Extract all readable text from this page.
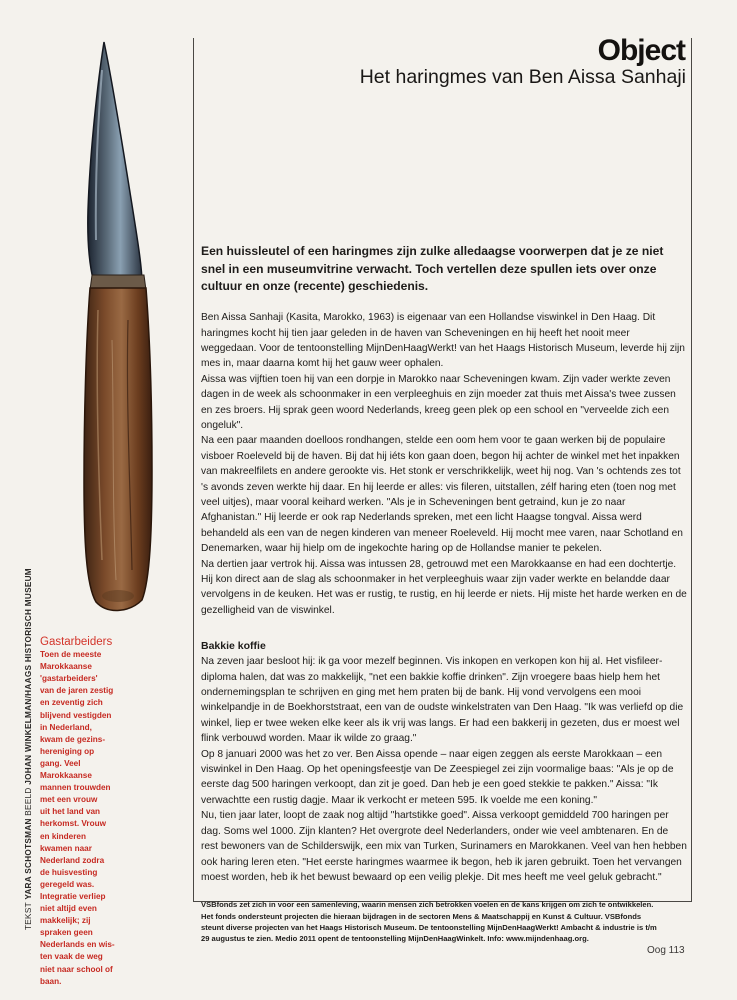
Object
Het haringmes van Ben Aissa Sanhaji

Een huissleutel of een haringmes zijn zulke alledaagse voorwerpen dat je ze niet snel in een museumvitrine verwacht. Toch vertellen deze spullen iets over onze cultuur en onze (recente) geschiedenis.

Ben Aissa Sanhaji (Kasita, Marokko, 1963) is eigenaar van een Hollandse viswinkel in Den Haag. Dit haringmes kocht hij tien jaar geleden in de haven van Scheveningen en hij heeft het nooit meer weggedaan. Voor de tentoonstelling MijnDenHaagWerkt! van het Haags Historisch Museum, leverde hij zijn mes in, maar daarna komt hij het gauw weer ophalen.

Aissa was vijftien toen hij van een dorpje in Marokko naar Scheveningen kwam. Zijn vader werkte zeven dagen in de week als schoonmaker in een verpleeghuis en zijn moeder zat thuis met Aissa's twee zussen en zes broers. Hij sprak geen woord Nederlands, kreeg geen plek op een school en "verveelde zich een ongeluk".

Na een paar maanden doelloos rondhangen, stelde een oom hem voor te gaan werken bij de populaire visboer Roeleveld bij de haven. Bij dat hij iéts kon gaan doen, begon hij achter de winkel met het inpakken van makreelfilets en andere gerookte vis. Het stonk er verschrikkelijk, weet hij nog. Van 's ochtends zes tot 's avonds zeven werkte hij daar. En hij leerde er alles: vis fileren, uitstallen, zélf haring eten (toen nog met veel uitjes), maar vooral keihard werken. "Als je in Scheveningen bent getraind, kun je zo naar Afghanistan." Hij leerde er ook rap Nederlands spreken, met een licht Haagse tongval. Aissa werd behandeld als een van de negen kinderen van meneer Roeleveld. Hij mocht mee varen, naar Schotland en Denemarken, waar hij hielp om de ingekochte haring op de Hollandse manier te pekelen.

Na dertien jaar vertrok hij. Aissa was intussen 28, getrouwd met een Marokkaanse en had een dochtertje. Hij kon direct aan de slag als schoonmaker in het verpleeghuis waar zijn vader werkte en belandde daar vervolgens in de keuken. Het was er rustig, te rustig, en hij leerde er niets. Hij miste het harde werken en de gezelligheid van de viswinkel.

Bakkie koffie

Na zeven jaar besloot hij: ik ga voor mezelf beginnen. Vis inkopen en verkopen kon hij al. Het visfileer-diploma halen, dat was zo makkelijk, "net een bakkie koffie drinken". Zijn vroegere baas hielp hem het ondernemingsplan te schrijven en ging met hem praten bij de bank. Hij vond vervolgens een mooi winkelpandje in de Boekhorststraat, een van de oudste winkelstraten van Den Haag. "Ik was verliefd op die winkel, liep er twee weken elke keer als ik vrij was langs. Er had een bakkerij in gezeten, dus er moest wel flink verbouwd worden. Maar ik wilde zo graag."

Op 8 januari 2000 was het zo ver. Ben Aissa opende – naar eigen zeggen als eerste Marokkaan – een viswinkel in Den Haag. Op het openingsfeestje van De Zeespiegel zei zijn voormalige baas: "Als je op de eerste dag 500 haringen verkoopt, dan zit je goed. Dan heb je een goed stekkie te pakken." Aissa: "Ik verwachtte een rustig dagje. Maar ik verkocht er meteen 595. Ik voelde me een koning."

Nu, tien jaar later, loopt de zaak nog altijd "hartstikke goed". Aissa verkoopt gemiddeld 700 haringen per dag. Soms wel 1000. Zijn klanten? Het overgrote deel Nederlanders, onder wie veel ambtenaren. En de rest bewoners van de Schilderswijk, een mix van Turken, Surinamers en Marokkanen. Veel van hen hebben ook haring leren eten. "Het eerste haringmes waarmee ik begon, heb ik jaren gebruikt. Toen het vervangen moest worden, heb ik het bewust bewaard op een veilig plekje. Dit mes heeft me veel geluk gebracht."

VSBfonds zet zich in voor een samenleving, waarin mensen zich betrokken voelen en de kans krijgen om zich te ontwikkelen.

Het fonds ondersteunt projecten die hieraan bijdragen in de sectoren Mens & Maatschappij en Kunst & Cultuur. VSBfonds

steunt diverse projecten van het Haags Historisch Museum. De tentoonstelling MijnDenHaagWerkt! Ambacht & industrie is t/m

29 augustus te zien. Medio 2011 opent de tentoonstelling MijnDenHaagWinkelt. Info: www.mijndenhaag.org.

Gastarbeiders
Toen de meeste
Marokkaanse
'gastarbeiders'
van de jaren zestig
en zeventig zich
blijvend vestigden
in Nederland,
kwam de gezins-
hereniging op
gang. Veel
Marokkaanse
mannen trouwden
met een vrouw
uit het land van
herkomst. Vrouw
en kinderen
kwamen naar
Nederland zodra
de huisvesting
geregeld was.
Integratie verliep
niet altijd even
makkelijk; zij
spraken geen
Nederlands en wis-
ten vaak de weg
niet naar school of
baan.
TEKST YARA SCHOTSMAN BEELD JOHAN WINKELMAN/HAAGS HISTORISCH MUSEUM
Oog 113
